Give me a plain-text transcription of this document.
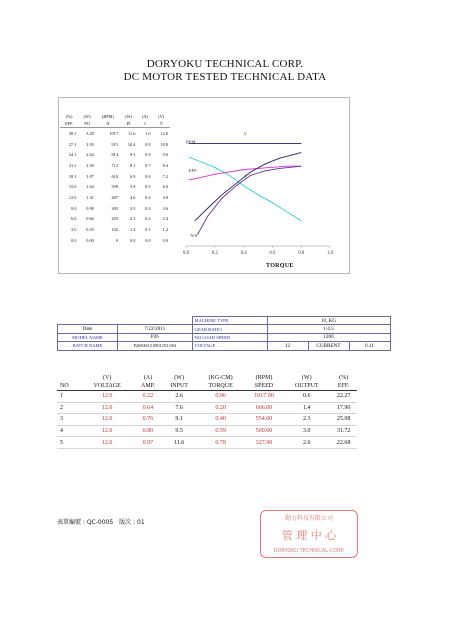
DORYOKU TECHNICAL CORP.
DC MOTOR TESTED TECHNICAL DATA
(%)	(W)	(RPM)	(W)	(A)	(V)
EFF.	PO	N	PI	I	V
30.1	3.28	1017	11.6	1.0	12.0
27.1	2.95	915	10.4	0.9	10.8
24.1	2.62	814	9.3	0.8	9.6
21.1	2.30	712	8.1	0.7	8.4
18.1	1.97	610	6.9	0.6	7.2
15.0	1.64	509	5.8	0.5	6.0
12.0	1.31	407	4.6	0.4	4.8
9.0	0.98	305	3.5	0.3	3.6
6.0	0.66	203	2.3	0.2	2.4
3.0	0.33	102	1.2	0.1	1.2
0.0	0.00	0	0.0	0.0	0.0
0.0	0.2	0.4	0.6	0.8	1.0
RPM
V
EFF
A
N/S
TORQUE
		MACHINE TYPE	10_KG		
Date	7/22/2011	GEAR RATIO	1/4.5		
MODEL NAME	P26	NO LOAD SPEED	1200		
BATCH NAME	P260004.5 8801253-004	VOLTAGE	12	CURRENT	0.11
	(V)	(A)	(W)	(KG-CM)	(RPM)	(W)	(%)
NO	VOLTAGE	AMP.	INPUT	TORQUE	SPEED	OUTPUT	EFF.
1	12.0	0.22	2.6	0.06	1017.00	0.6	22.27
2	12.0	0.64	7.6	0.20	666.00	1.4	17.90
3	12.0	0.76	9.1	0.40	554.00	2.3	25.08
4	12.0	0.80	9.5	0.59	500.00	3.0	31.72
5	12.0	0.97	11.6	0.78	327.90	2.6	22.68
表單編號 : QC-0005　版次 : 01
動力科技有限公司
管 理 中 心
DORYOKU TECHNICAL CORP.
